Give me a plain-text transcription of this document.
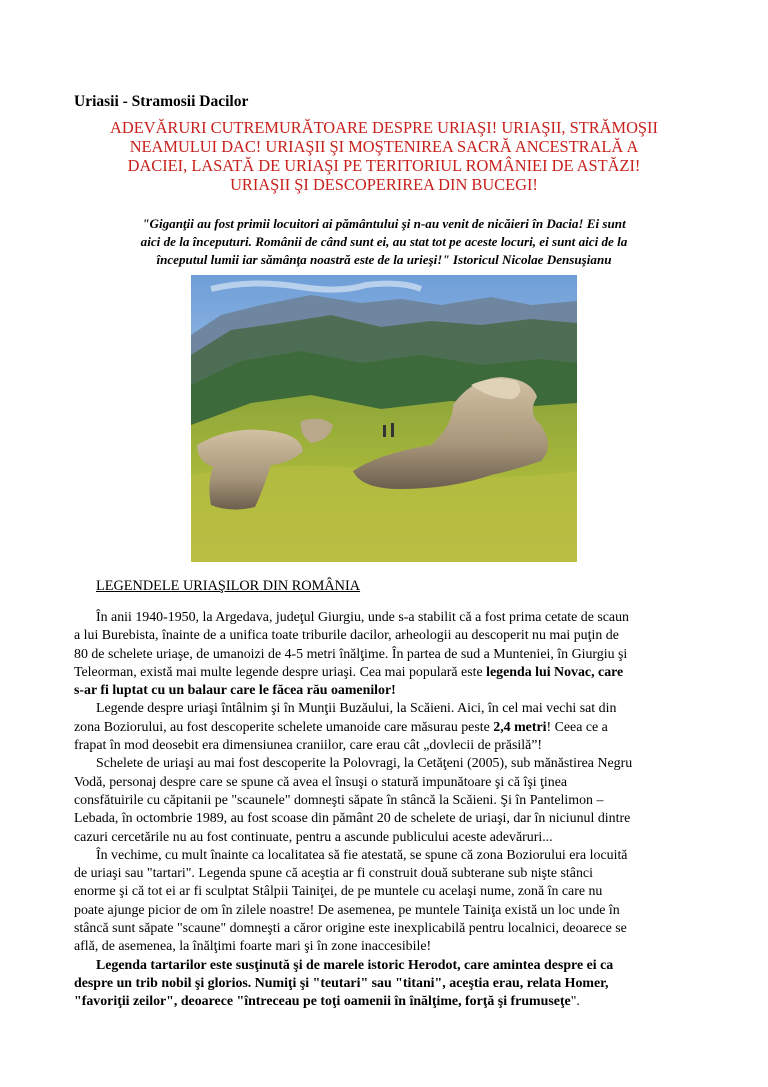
Uriasii - Stramosii Dacilor
ADEVĂRURI CUTREMURĂTOARE DESPRE URIAŞI! URIAŞII, STRĂMOŞII
NEAMULUI DAC! URIAŞII ŞI MOŞTENIREA SACRĂ ANCESTRALĂ A
DACIEI, LASATĂ DE URIAŞI PE TERITORIUL ROMÂNIEI DE ASTĂZI!
URIAŞII ŞI DESCOPERIREA DIN BUCEGI!
"Giganţii au fost primii locuitori ai pământului şi n-au venit de nicăieri în Dacia! Ei sunt
aici de la începuturi. Românii de când sunt ei, au stat tot pe aceste locuri, ei sunt aici de la
începutul lumii iar sămânţa noastră este de la urieşi!" Istoricul Nicolae Densuşianu
LEGENDELE URIAŞILOR DIN ROMÂNIA
În anii 1940-1950, la Argedava, judeţul Giurgiu, unde s-a stabilit că a fost prima cetate de scaun
a lui Burebista, înainte de a unifica toate triburile dacilor, arheologii au descoperit nu mai puţin de
80 de schelete uriaşe, de umanoizi de 4-5 metri înălţime. În partea de sud a Munteniei, în Giurgiu şi
Teleorman, există mai multe legende despre uriaşi. Cea mai populară este legenda lui Novac, care
s-ar fi luptat cu un balaur care le făcea rău oamenilor!
Legende despre uriaşi întâlnim şi în Munţii Buzăului, la Scăieni. Aici, în cel mai vechi sat din
zona Boziorului, au fost descoperite schelete umanoide care măsurau peste 2,4 metri! Ceea ce a
frapat în mod deosebit era dimensiunea craniilor, care erau cât „dovlecii de prăsilă”!
Schelete de uriaşi au mai fost descoperite la Polovragi, la Cetăţeni (2005), sub mănăstirea Negru
Vodă, personaj despre care se spune că avea el însuşi o statură impunătoare şi că îşi ţinea
consfătuirile cu căpitanii pe "scaunele" domneşti săpate în stâncă la Scăieni. Şi în Pantelimon –
Lebada, în octombrie 1989, au fost scoase din pământ 20 de schelete de uriaşi, dar în niciunul dintre
cazuri cercetările nu au fost continuate, pentru a ascunde publicului aceste adevăruri...
În vechime, cu mult înainte ca localitatea să fie atestată, se spune că zona Boziorului era locuită
de uriaşi sau "tartari". Legenda spune că aceştia ar fi construit două subterane sub nişte stânci
enorme şi că tot ei ar fi sculptat Stâlpii Tainiţei, de pe muntele cu acelaşi nume, zonă în care nu
poate ajunge picior de om în zilele noastre! De asemenea, pe muntele Tainiţa există un loc unde în
stâncă sunt săpate "scaune" domneşti a căror origine este inexplicabilă pentru localnici, deoarece se
află, de asemenea, la înălţimi foarte mari şi în zone inaccesibile!
Legenda tartarilor este susţinută şi de marele istoric Herodot, care amintea despre ei ca
despre un trib nobil şi glorios. Numiţi şi "teutari" sau "titani", aceştia erau, relata Homer,
"favoriţii zeilor", deoarece "întreceau pe toţi oamenii în înălţime, forţă şi frumuseţe".
